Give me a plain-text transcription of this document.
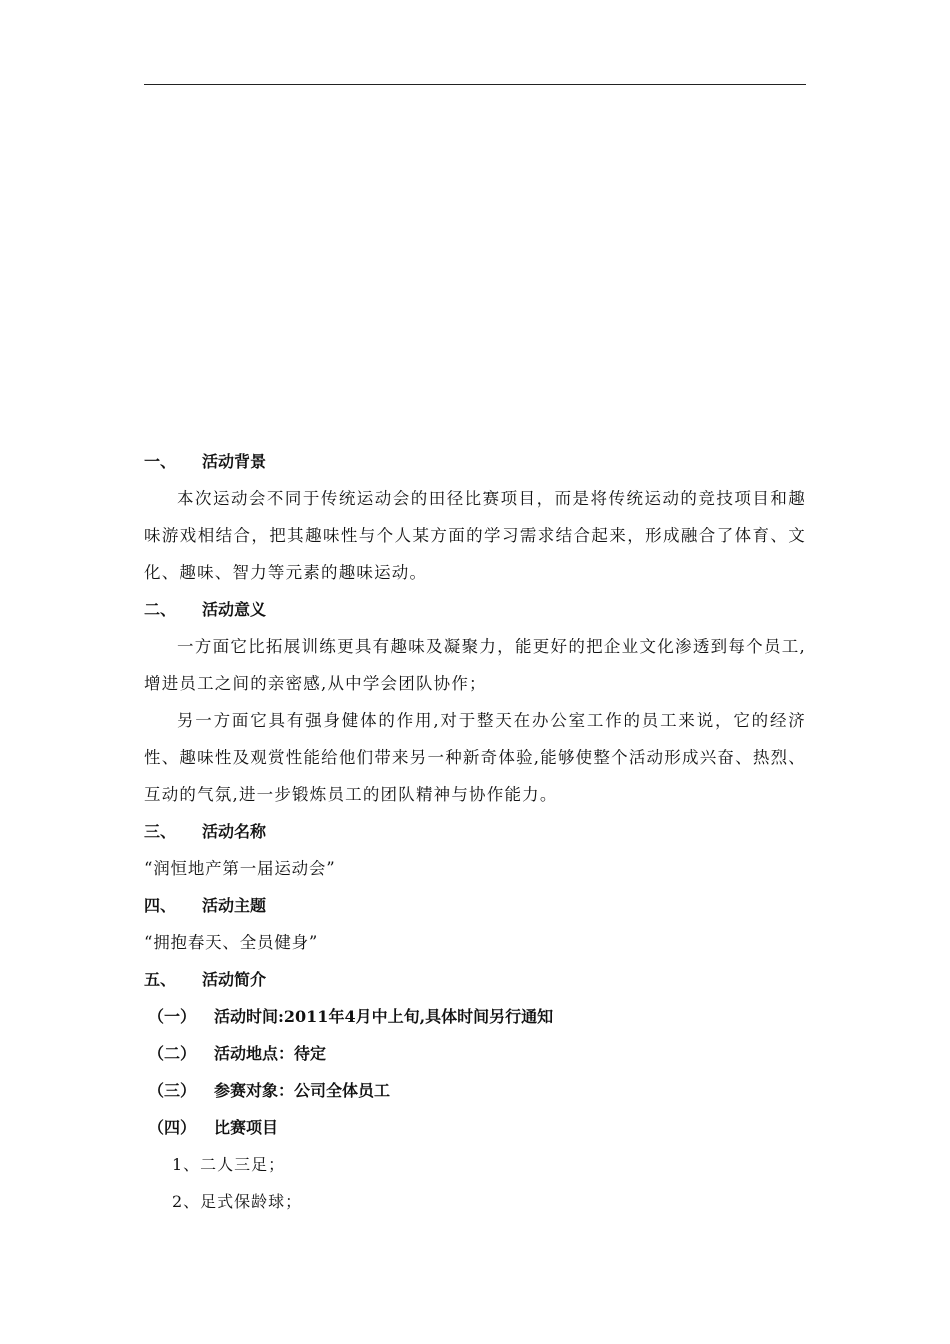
一、 活动背景

本次运动会不同于传统运动会的田径比赛项目，而是将传统运动的竞技项目和趣味游戏相结合，把其趣味性与个人某方面的学习需求结合起来，形成融合了体育、文化、趣味、智力等元素的趣味运动。

二、 活动意义

一方面它比拓展训练更具有趣味及凝聚力，能更好的把企业文化渗透到每个员工,增进员工之间的亲密感,从中学会团队协作；

另一方面它具有强身健体的作用,对于整天在办公室工作的员工来说，它的经济性、趣味性及观赏性能给他们带来另一种新奇体验,能够使整个活动形成兴奋、热烈、互动的气氛,进一步锻炼员工的团队精神与协作能力。

三、 活动名称
“润恒地产第一届运动会”
四、 活动主题
“拥抱春天、全员健身”
五、 活动简介
（一） 活动时间:2011年4月中上旬,具体时间另行通知
（二） 活动地点：待定
（三） 参赛对象：公司全体员工
（四） 比赛项目
1、二人三足；
2、足式保龄球；
